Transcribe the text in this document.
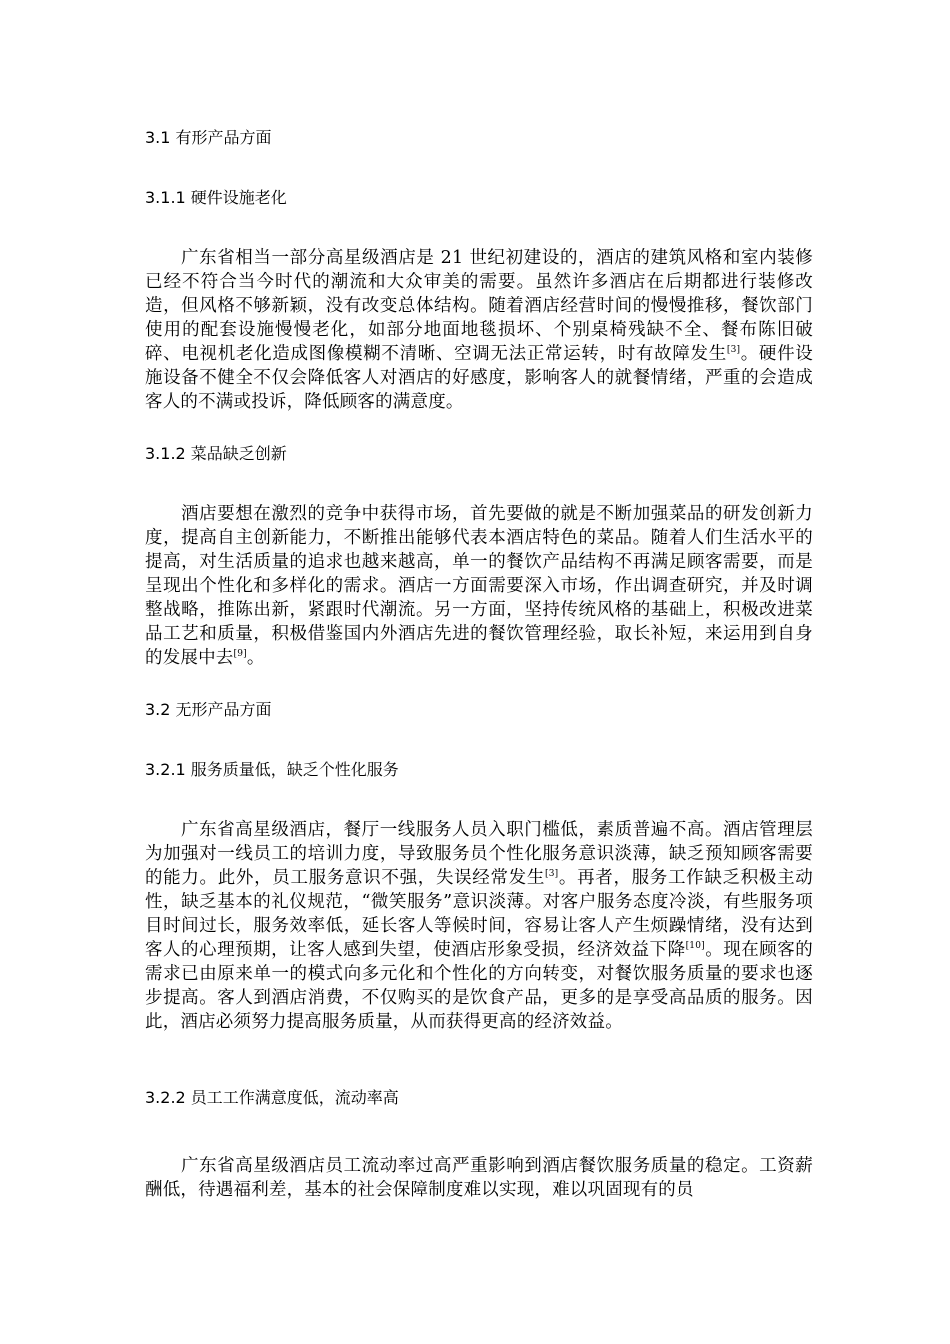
3.1 有形产品方面
3.1.1 硬件设施老化
广东省相当一部分高星级酒店是 21 世纪初建设的，酒店的建筑风格和室内装修已经不符合当今时代的潮流和大众审美的需要。虽然许多酒店在后期都进行装修改造，但风格不够新颖，没有改变总体结构。随着酒店经营时间的慢慢推移，餐饮部门使用的配套设施慢慢老化，如部分地面地毯损坏、个别桌椅残缺不全、餐布陈旧破碎、电视机老化造成图像模糊不清晰、空调无法正常运转，时有故障发生[3]。硬件设施设备不健全不仅会降低客人对酒店的好感度，影响客人的就餐情绪，严重的会造成客人的不满或投诉，降低顾客的满意度。
3.1.2 菜品缺乏创新
酒店要想在激烈的竞争中获得市场，首先要做的就是不断加强菜品的研发创新力度，提高自主创新能力，不断推出能够代表本酒店特色的菜品。随着人们生活水平的提高，对生活质量的追求也越来越高，单一的餐饮产品结构不再满足顾客需要，而是呈现出个性化和多样化的需求。酒店一方面需要深入市场，作出调查研究，并及时调整战略，推陈出新，紧跟时代潮流。另一方面，坚持传统风格的基础上，积极改进菜品工艺和质量，积极借鉴国内外酒店先进的餐饮管理经验，取长补短，来运用到自身的发展中去[9]。
3.2 无形产品方面
3.2.1 服务质量低，缺乏个性化服务
广东省高星级酒店，餐厅一线服务人员入职门槛低，素质普遍不高。酒店管理层为加强对一线员工的培训力度，导致服务员个性化服务意识淡薄，缺乏预知顾客需要的能力。此外，员工服务意识不强，失误经常发生[3]。再者，服务工作缺乏积极主动性，缺乏基本的礼仪规范，“微笑服务”意识淡薄。对客户服务态度冷淡，有些服务项目时间过长，服务效率低，延长客人等候时间，容易让客人产生烦躁情绪，没有达到客人的心理预期，让客人感到失望，使酒店形象受损，经济效益下降[10]。现在顾客的需求已由原来单一的模式向多元化和个性化的方向转变，对餐饮服务质量的要求也逐步提高。客人到酒店消费，不仅购买的是饮食产品，更多的是享受高品质的服务。因此，酒店必须努力提高服务质量，从而获得更高的经济效益。
3.2.2 员工工作满意度低，流动率高
广东省高星级酒店员工流动率过高严重影响到酒店餐饮服务质量的稳定。工资薪酬低，待遇福利差，基本的社会保障制度难以实现，难以巩固现有的员
